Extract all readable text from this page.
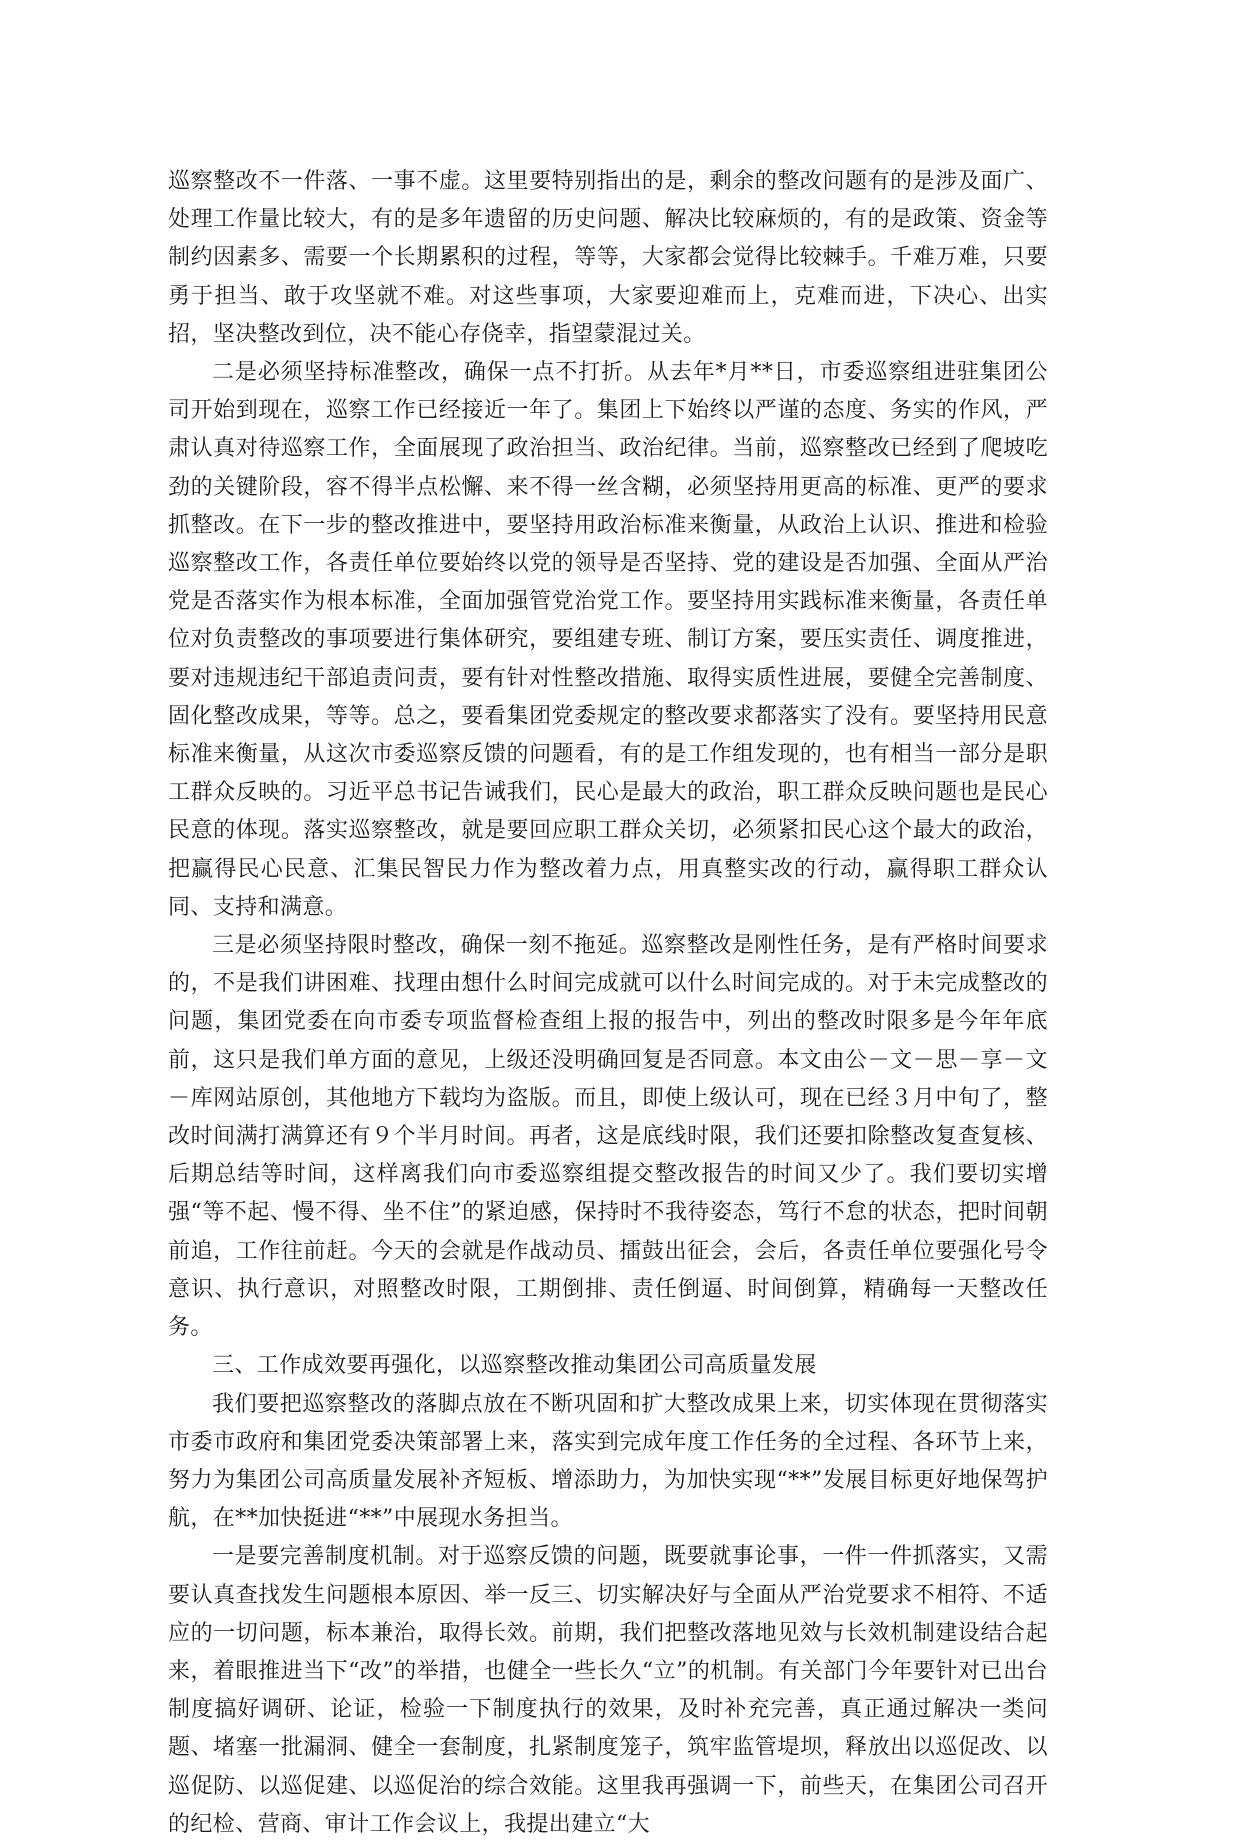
巡察整改不一件落、一事不虚。这里要特别指出的是，剩余的整改问题有的是涉及面广、处理工作量比较大，有的是多年遗留的历史问题、解决比较麻烦的，有的是政策、资金等制约因素多、需要一个长期累积的过程，等等，大家都会觉得比较棘手。千难万难，只要勇于担当、敢于攻坚就不难。对这些事项，大家要迎难而上，克难而进，下决心、出实招，坚决整改到位，决不能心存侥幸，指望蒙混过关。

二是必须坚持标准整改，确保一点不打折。从去年*月**日，市委巡察组进驻集团公司开始到现在，巡察工作已经接近一年了。集团上下始终以严谨的态度、务实的作风，严肃认真对待巡察工作，全面展现了政治担当、政治纪律。当前，巡察整改已经到了爬坡吃劲的关键阶段，容不得半点松懈、来不得一丝含糊，必须坚持用更高的标准、更严的要求抓整改。在下一步的整改推进中，要坚持用政治标准来衡量，从政治上认识、推进和检验巡察整改工作，各责任单位要始终以党的领导是否坚持、党的建设是否加强、全面从严治党是否落实作为根本标准，全面加强管党治党工作。要坚持用实践标准来衡量，各责任单位对负责整改的事项要进行集体研究，要组建专班、制订方案，要压实责任、调度推进，要对违规违纪干部追责问责，要有针对性整改措施、取得实质性进展，要健全完善制度、固化整改成果，等等。总之，要看集团党委规定的整改要求都落实了没有。要坚持用民意标准来衡量，从这次市委巡察反馈的问题看，有的是工作组发现的，也有相当一部分是职工群众反映的。习近平总书记告诫我们，民心是最大的政治，职工群众反映问题也是民心民意的体现。落实巡察整改，就是要回应职工群众关切，必须紧扣民心这个最大的政治，把赢得民心民意、汇集民智民力作为整改着力点，用真整实改的行动，赢得职工群众认同、支持和满意。

三是必须坚持限时整改，确保一刻不拖延。巡察整改是刚性任务，是有严格时间要求的，不是我们讲困难、找理由想什么时间完成就可以什么时间完成的。对于未完成整改的问题，集团党委在向市委专项监督检查组上报的报告中，列出的整改时限多是今年年底前，这只是我们单方面的意见，上级还没明确回复是否同意。本文由公－文－思－享－文－库网站原创，其他地方下载均为盗版。而且，即使上级认可，现在已经３月中旬了，整改时间满打满算还有９个半月时间。再者，这是底线时限，我们还要扣除整改复查复核、后期总结等时间，这样离我们向市委巡察组提交整改报告的时间又少了。我们要切实增强“等不起、慢不得、坐不住”的紧迫感，保持时不我待姿态，笃行不怠的状态，把时间朝前追，工作往前赶。今天的会就是作战动员、擂鼓出征会，会后，各责任单位要强化号令意识、执行意识，对照整改时限，工期倒排、责任倒逼、时间倒算，精确每一天整改任务。

三、工作成效要再强化，以巡察整改推动集团公司高质量发展

我们要把巡察整改的落脚点放在不断巩固和扩大整改成果上来，切实体现在贯彻落实市委市政府和集团党委决策部署上来，落实到完成年度工作任务的全过程、各环节上来，努力为集团公司高质量发展补齐短板、增添助力，为加快实现“**”发展目标更好地保驾护航，在**加快挺进“**”中展现水务担当。

一是要完善制度机制。对于巡察反馈的问题，既要就事论事，一件一件抓落实，又需要认真查找发生问题根本原因、举一反三、切实解决好与全面从严治党要求不相符、不适应的一切问题，标本兼治，取得长效。前期，我们把整改落地见效与长效机制建设结合起来，着眼推进当下“改”的举措，也健全一些长久“立”的机制。有关部门今年要针对已出台制度搞好调研、论证，检验一下制度执行的效果，及时补充完善，真正通过解决一类问题、堵塞一批漏洞、健全一套制度，扎紧制度笼子，筑牢监管堤坝，释放出以巡促改、以巡促防、以巡促建、以巡促治的综合效能。这里我再强调一下，前些天，在集团公司召开的纪检、营商、审计工作会议上，我提出建立“大
